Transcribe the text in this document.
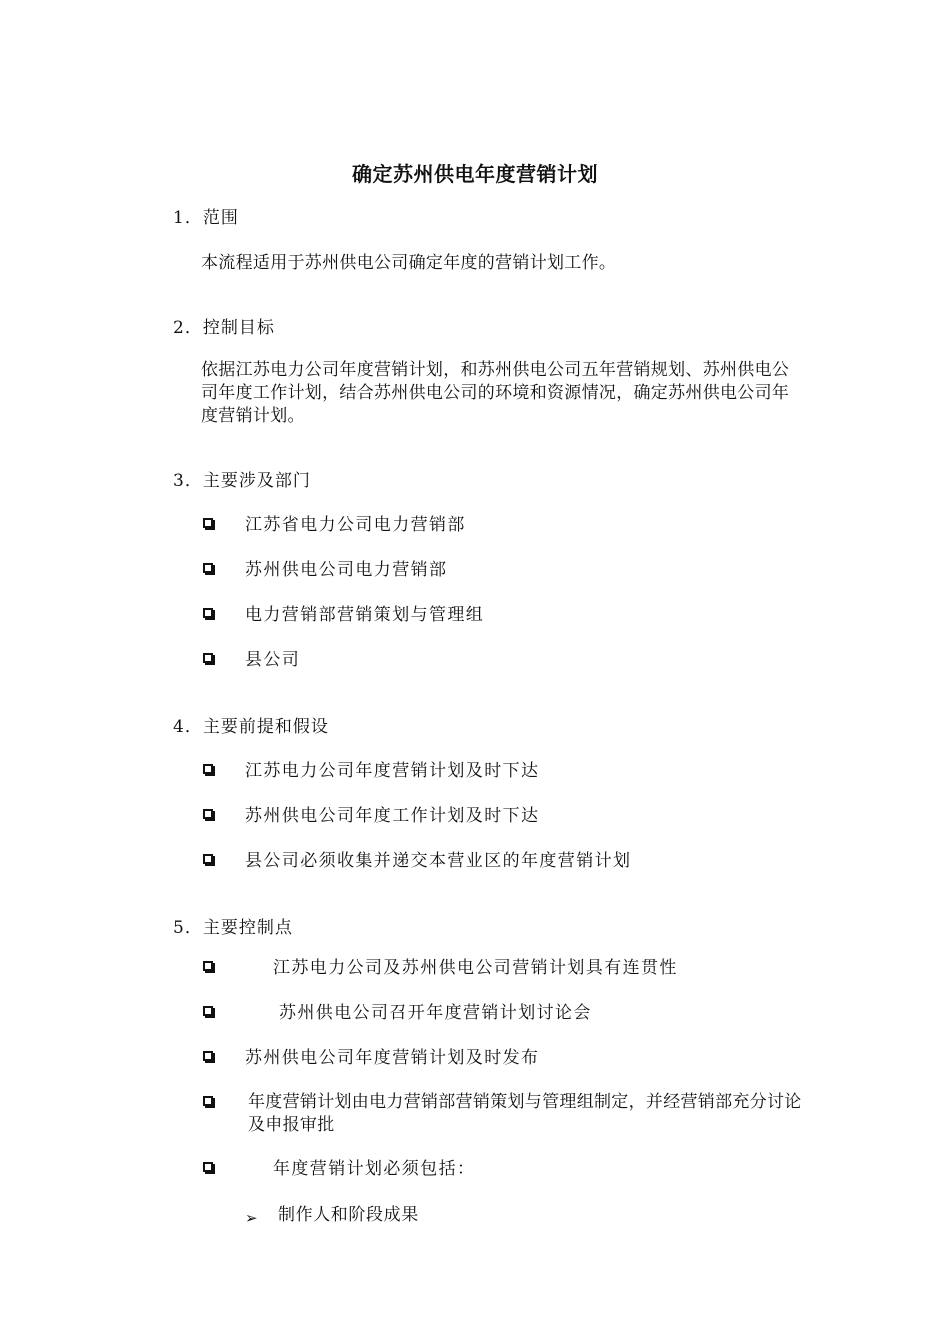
确定苏州供电年度营销计划
1．范围
本流程适用于苏州供电公司确定年度的营销计划工作。
2．控制目标
依据江苏电力公司年度营销计划，和苏州供电公司五年营销规划、苏州供电公司年度工作计划，结合苏州供电公司的环境和资源情况，确定苏州供电公司年度营销计划。
3．主要涉及部门
江苏省电力公司电力营销部
苏州供电公司电力营销部
电力营销部营销策划与管理组
县公司
4．主要前提和假设
江苏电力公司年度营销计划及时下达
苏州供电公司年度工作计划及时下达
县公司必须收集并递交本营业区的年度营销计划
5．主要控制点
江苏电力公司及苏州供电公司营销计划具有连贯性
苏州供电公司召开年度营销计划讨论会
苏州供电公司年度营销计划及时发布
年度营销计划由电力营销部营销策划与管理组制定，并经营销部充分讨论及申报审批
年度营销计划必须包括：
➢ 制作人和阶段成果
